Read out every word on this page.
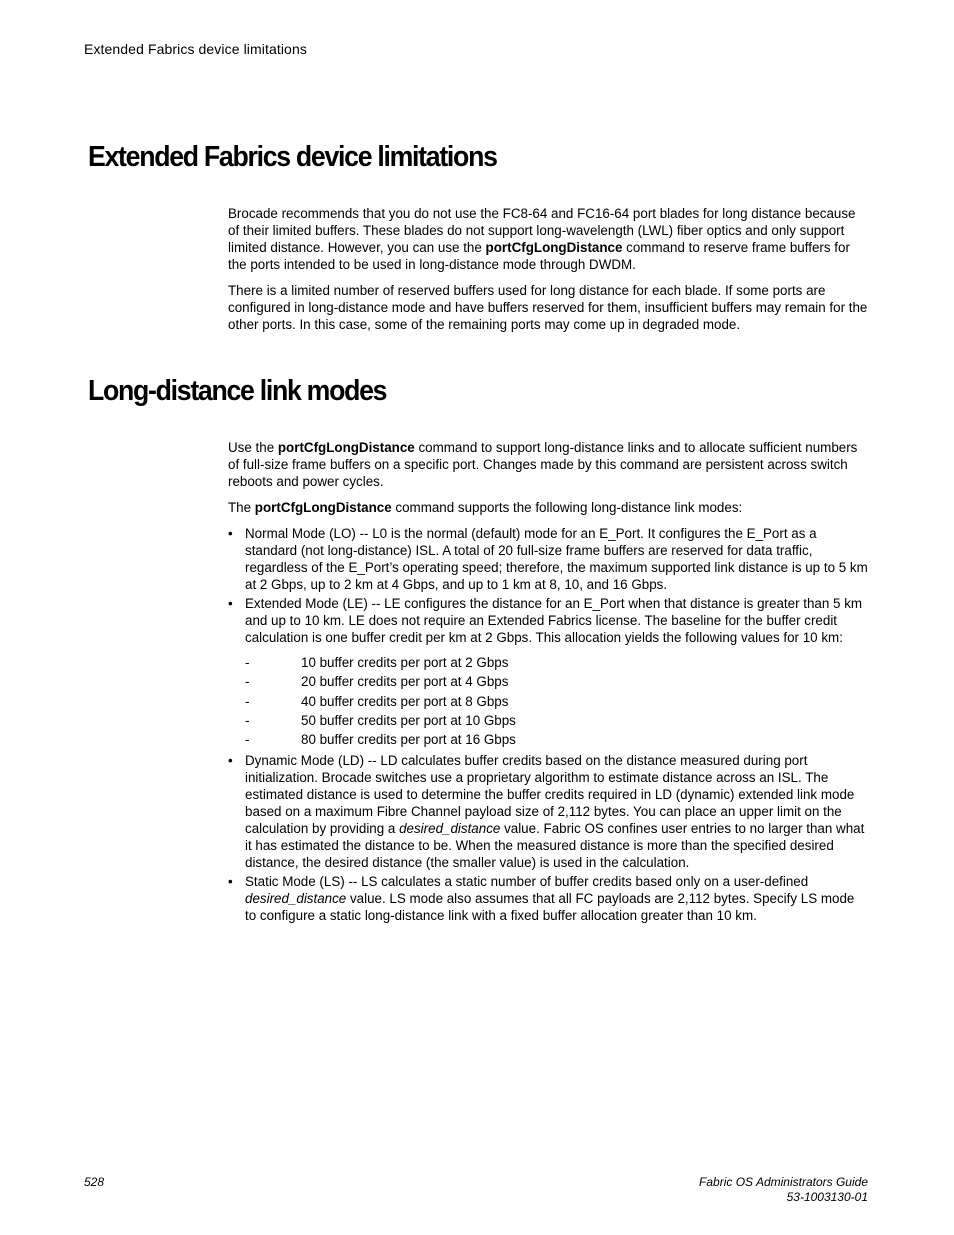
Extended Fabrics device limitations
Extended Fabrics device limitations

Brocade recommends that you do not use the FC8-64 and FC16-64 port blades for long distance because of their limited buffers. These blades do not support long-wavelength (LWL) fiber optics and only support limited distance. However, you can use the portCfgLongDistance command to reserve frame buffers for the ports intended to be used in long-distance mode through DWDM.

There is a limited number of reserved buffers used for long distance for each blade. If some ports are configured in long-distance mode and have buffers reserved for them, insufficient buffers may remain for the other ports. In this case, some of the remaining ports may come up in degraded mode.

Long-distance link modes

Use the portCfgLongDistance command to support long-distance links and to allocate sufficient numbers of full-size frame buffers on a specific port. Changes made by this command are persistent across switch reboots and power cycles.

The portCfgLongDistance command supports the following long-distance link modes:

• Normal Mode (LO) -- L0 is the normal (default) mode for an E_Port. It configures the E_Port as a standard (not long-distance) ISL. A total of 20 full-size frame buffers are reserved for data traffic, regardless of the E_Port’s operating speed; therefore, the maximum supported link distance is up to 5 km at 2 Gbps, up to 2 km at 4 Gbps, and up to 1 km at 8, 10, and 16 Gbps.
• Extended Mode (LE) -- LE configures the distance for an E_Port when that distance is greater than 5 km and up to 10 km. LE does not require an Extended Fabrics license. The baseline for the buffer credit calculation is one buffer credit per km at 2 Gbps. This allocation yields the following values for 10 km:
-	10 buffer credits per port at 2 Gbps
-	20 buffer credits per port at 4 Gbps
-	40 buffer credits per port at 8 Gbps
-	50 buffer credits per port at 10 Gbps
-	80 buffer credits per port at 16 Gbps
• Dynamic Mode (LD) -- LD calculates buffer credits based on the distance measured during port initialization. Brocade switches use a proprietary algorithm to estimate distance across an ISL. The estimated distance is used to determine the buffer credits required in LD (dynamic) extended link mode based on a maximum Fibre Channel payload size of 2,112 bytes. You can place an upper limit on the calculation by providing a desired_distance value. Fabric OS confines user entries to no larger than what it has estimated the distance to be. When the measured distance is more than the specified desired distance, the desired distance (the smaller value) is used in the calculation.
• Static Mode (LS) -- LS calculates a static number of buffer credits based only on a user-defined desired_distance value. LS mode also assumes that all FC payloads are 2,112 bytes. Specify LS mode to configure a static long-distance link with a fixed buffer allocation greater than 10 km.
528	Fabric OS Administrators Guide
53-1003130-01
